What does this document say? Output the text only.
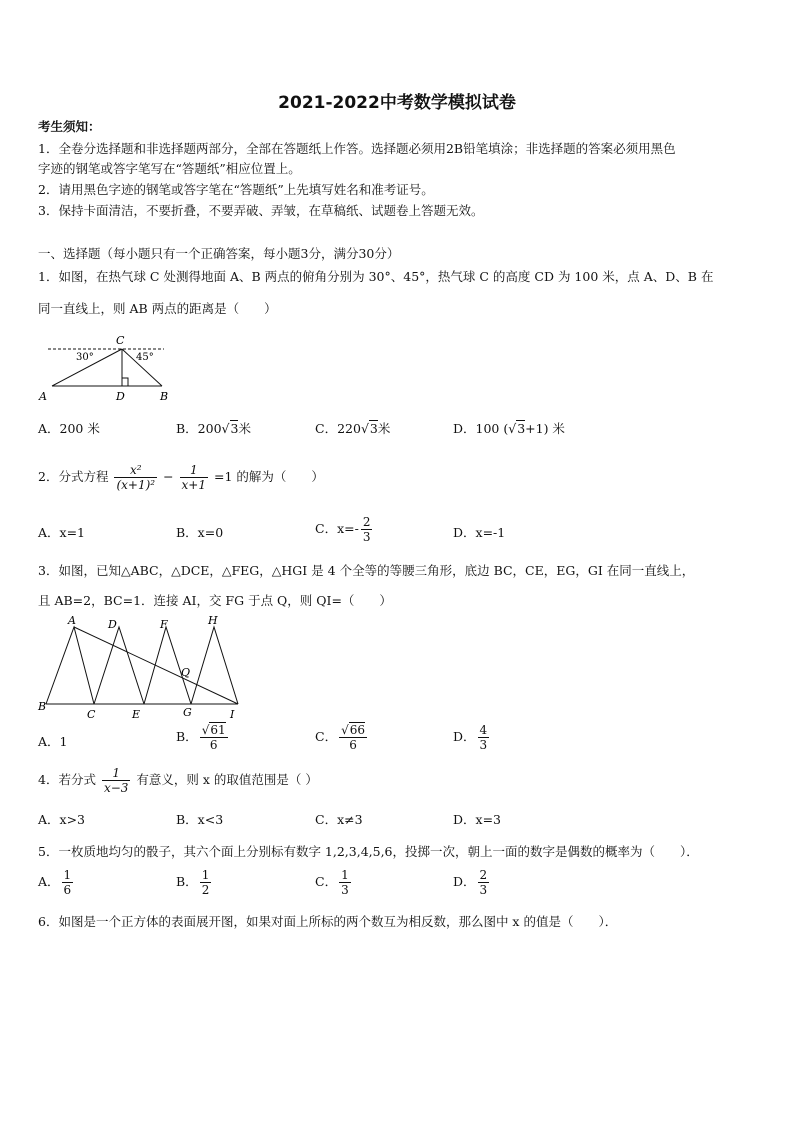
2021-2022中考数学模拟试卷
考生须知：
1．全卷分选择题和非选择题两部分，全部在答题纸上作答。选择题必须用2B铅笔填涂；非选择题的答案必须用黑色
字迹的钢笔或答字笔写在“答题纸”相应位置上。
2．请用黑色字迹的钢笔或答字笔在“答题纸”上先填写姓名和准考证号。
3．保持卡面清洁，不要折叠，不要弄破、弄皱，在草稿纸、试题卷上答题无效。
一、选择题（每小题只有一个正确答案，每小题3分，满分30分）
1．如图，在热气球 C 处测得地面 A、B 两点的俯角分别为 30°、45°，热气球 C 的高度 CD 为 100 米，点 A、D、B 在
同一直线上，则 AB 两点的距离是（　　）
C
30°	45°
A	D	B
A．200 米	B．200√3米	C．220√3米	D．100 (√3+1) 米
2．分式方程 $\frac{\text{x²}}{\text{(x+1)²}} - \frac{1}{x+1} =1$ 的解为（　　）
A．x=1	B．x=0	C．$x=- \frac{2}{3}$	D．x=-1
3．如图，已知△ABC，△DCE，△FEG，△HGI 是 4 个全等的等腰三角形，底边 BC，CE，EG，GI 在同一直线上，
且 AB=2，BC=1．连接 AI，交 FG 于点 Q，则 QI=（　　）
A	D	F	H
Q
B
C	E	G	I
A．1	B． $\frac{√61}{6}$	C． $\frac{√66}{6}$	D． $\frac{4}{3}$
4．若分式 $\frac{1}{x-3}$ 有意义，则 x 的取值范围是（ ）
A．x>3	B．x<3	C．x≠3	D．x=3
5．一枚质地均匀的骰子，其六个面上分别标有数字 1,2,3,4,5,6，投掷一次，朝上一面的数字是偶数的概率为（　　）．
A． $\frac{1}{6}$	B． $\frac{1}{2}$	C． $\frac{1}{3}$	D． $\frac{2}{3}$
6．如图是一个正方体的表面展开图，如果对面上所标的两个数互为相反数，那么图中 x 的值是（　　）．
